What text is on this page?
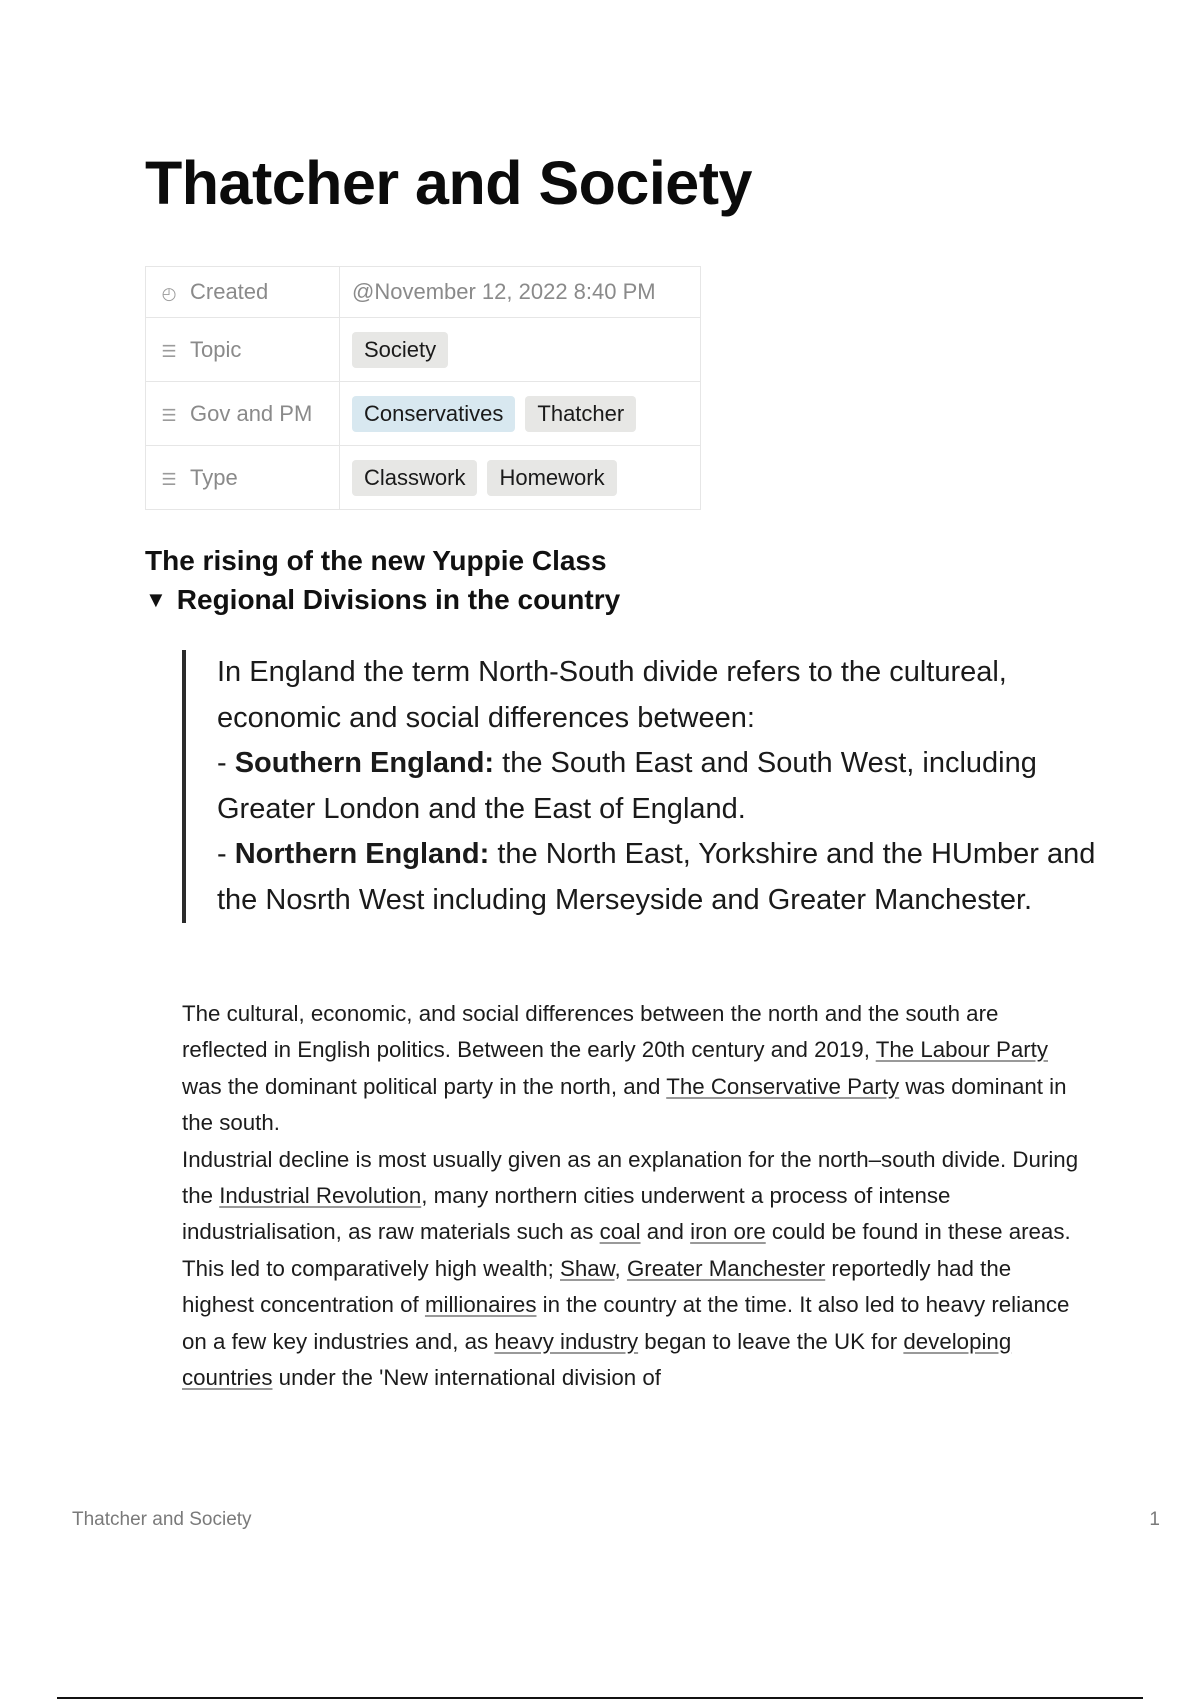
Thatcher and Society
◴ Created	@November 12, 2022 8:40 PM
☰ Topic	Society
☰ Gov and PM	Conservatives Thatcher
☰ Type	Classwork Homework
The rising of the new Yuppie Class
▼ Regional Divisions in the country

In England the term North-South divide refers to the cultureal, economic and social differences between:

- Southern England: the South East and South West, including Greater London and the East of England.

- Northern England: the North East, Yorkshire and the HUmber and the Nosrth West including Merseyside and Greater Manchester.

The cultural, economic, and social differences between the north and the south are reflected in English politics. Between the early 20th century and 2019, The Labour Party was the dominant political party in the north, and The Conservative Party was dominant in the south.

Industrial decline is most usually given as an explanation for the north–south divide. During the Industrial Revolution, many northern cities underwent a process of intense industrialisation, as raw materials such as coal and iron ore could be found in these areas. This led to comparatively high wealth; Shaw, Greater Manchester reportedly had the highest concentration of millionaires in the country at the time. It also led to heavy reliance on a few key industries and, as heavy industry began to leave the UK for developing countries under the 'New international division of

Thatcher and Society	1
